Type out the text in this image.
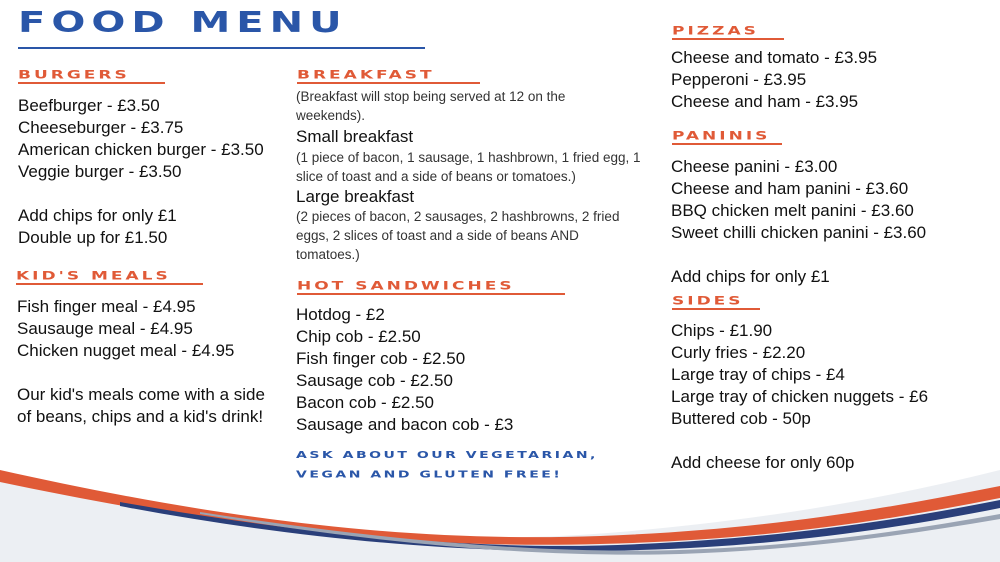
FOOD MENU
BURGERS
Beefburger - £3.50
Cheeseburger - £3.75
American chicken burger - £3.50
Veggie burger - £3.50
Add chips for only £1
Double up for £1.50
KID'S MEALS
Fish finger meal - £4.95
Sausauge meal - £4.95
Chicken nugget meal - £4.95
Our kid's meals come with a side
of beans, chips and a kid's drink!
BREAKFAST
(Breakfast will stop being served at 12 on the weekends).
Small breakfast
(1 piece of bacon, 1 sausage, 1 hashbrown, 1 fried egg, 1 slice of toast and a side of beans or tomatoes.)
Large breakfast
(2 pieces of bacon, 2 sausages, 2 hashbrowns, 2 fried eggs, 2 slices of toast and a side of beans AND tomatoes.)
HOT SANDWICHES
Hotdog - £2
Chip cob - £2.50
Fish finger cob - £2.50
Sausage cob - £2.50
Bacon cob - £2.50
Sausage and bacon cob - £3
ASK ABOUT OUR VEGETARIAN,
VEGAN AND GLUTEN FREE!
PIZZAS
Cheese and tomato - £3.95
Pepperoni - £3.95
Cheese and ham - £3.95
PANINIS
Cheese panini - £3.00
Cheese and ham panini - £3.60
BBQ chicken melt panini - £3.60
Sweet chilli chicken panini - £3.60
Add chips for only £1
SIDES
Chips - £1.90
Curly fries - £2.20
Large tray of chips - £4
Large tray of chicken nuggets - £6
Buttered cob - 50p
Add cheese for only 60p
